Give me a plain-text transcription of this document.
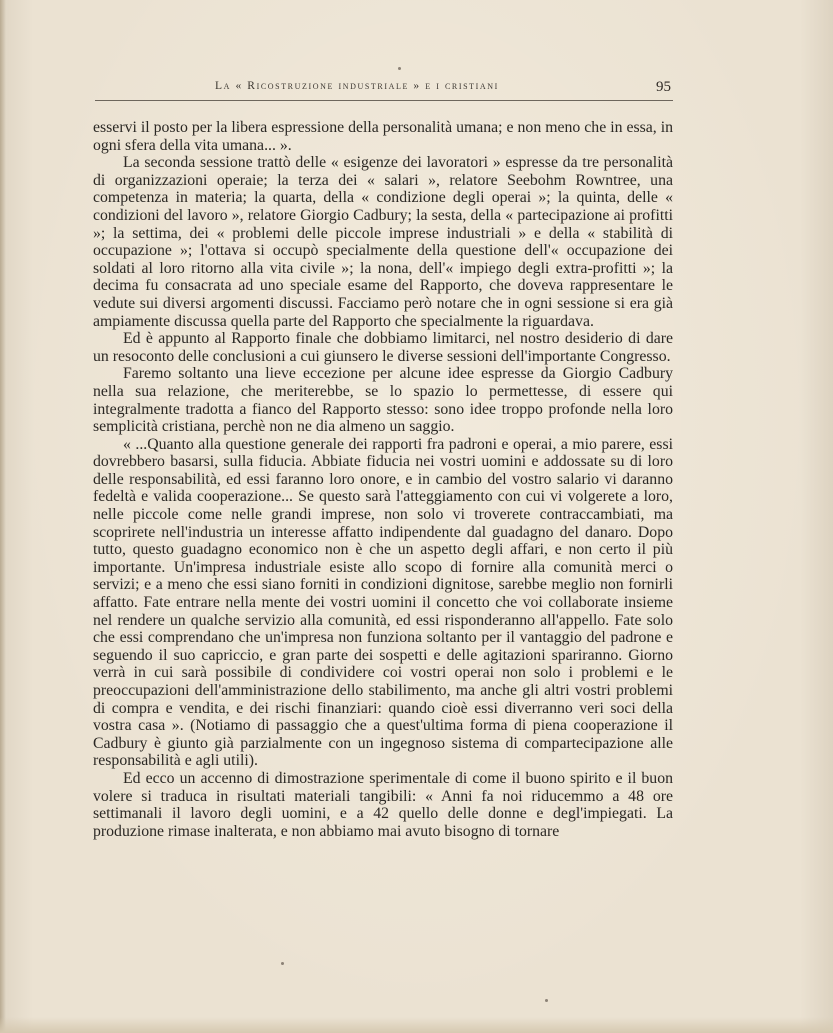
La « Ricostruzione industriale » e i cristiani	95

esservi il posto per la libera espressione della personalità umana; e non meno che in essa, in ogni sfera della vita umana... ».

La seconda sessione trattò delle « esigenze dei lavoratori » espresse da tre personalità di organizzazioni operaie; la terza dei « salari », relatore Seebohm Rowntree, una competenza in materia; la quarta, della « condizione degli operai »; la quinta, delle « condizioni del lavoro », relatore Giorgio Cadbury; la sesta, della « partecipazione ai profitti »; la settima, dei « problemi delle piccole imprese industriali » e della « stabilità di occupazione »; l'ottava si occupò specialmente della questione dell'« occupazione dei soldati al loro ritorno alla vita civile »; la nona, dell'« impiego degli extra-profitti »; la decima fu consacrata ad uno speciale esame del Rapporto, che doveva rappresentare le vedute sui diversi argomenti discussi. Facciamo però notare che in ogni sessione si era già ampiamente discussa quella parte del Rapporto che specialmente la riguardava.

Ed è appunto al Rapporto finale che dobbiamo limitarci, nel nostro desiderio di dare un resoconto delle conclusioni a cui giunsero le diverse sessioni dell'importante Congresso.

Faremo soltanto una lieve eccezione per alcune idee espresse da Giorgio Cadbury nella sua relazione, che meriterebbe, se lo spazio lo permettesse, di essere qui integralmente tradotta a fianco del Rapporto stesso: sono idee troppo profonde nella loro semplicità cristiana, perchè non ne dia almeno un saggio.

« ...Quanto alla questione generale dei rapporti fra padroni e operai, a mio parere, essi dovrebbero basarsi, sulla fiducia. Abbiate fiducia nei vostri uomini e addossate su di loro delle responsabilità, ed essi faranno loro onore, e in cambio del vostro salario vi daranno fedeltà e valida cooperazione... Se questo sarà l'atteggiamento con cui vi volgerete a loro, nelle piccole come nelle grandi imprese, non solo vi troverete contraccambiati, ma scoprirete nell'industria un interesse affatto indipendente dal guadagno del danaro. Dopo tutto, questo guadagno economico non è che un aspetto degli affari, e non certo il più importante. Un'impresa industriale esiste allo scopo di fornire alla comunità merci o servizi; e a meno che essi siano forniti in condizioni dignitose, sarebbe meglio non fornirli affatto. Fate entrare nella mente dei vostri uomini il concetto che voi collaborate insieme nel rendere un qualche servizio alla comunità, ed essi risponderanno all'appello. Fate solo che essi comprendano che un'impresa non funziona soltanto per il vantaggio del padrone e seguendo il suo capriccio, e gran parte dei sospetti e delle agitazioni spariranno. Giorno verrà in cui sarà possibile di condividere coi vostri operai non solo i problemi e le preoccupazioni dell'amministrazione dello stabilimento, ma anche gli altri vostri problemi di compra e vendita, e dei rischi finanziari: quando cioè essi diverranno veri soci della vostra casa ». (Notiamo di passaggio che a quest'ultima forma di piena cooperazione il Cadbury è giunto già parzialmente con un ingegnoso sistema di compartecipazione alle responsabilità e agli utili).

Ed ecco un accenno di dimostrazione sperimentale di come il buono spirito e il buon volere si traduca in risultati materiali tangibili: « Anni fa noi riducemmo a 48 ore settimanali il lavoro degli uomini, e a 42 quello delle donne e degl'impiegati. La produzione rimase inalterata, e non abbiamo mai avuto bisogno di tornare
